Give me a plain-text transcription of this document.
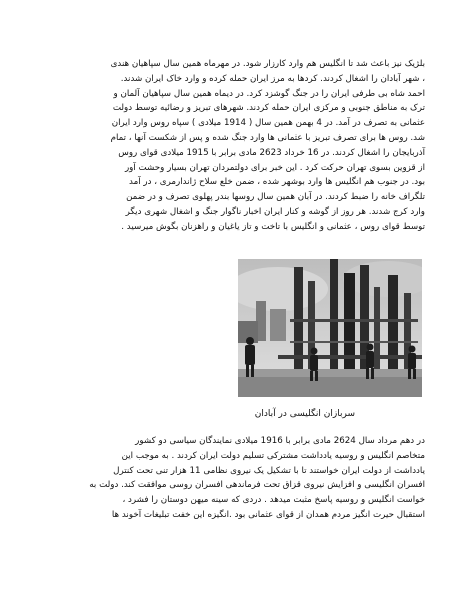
بلژیک نیز باعث شد تا انگلیس هم وارد کارزار شود. در مهرماه همین سال سپاهیان هندی
، شهر آبادان را اشغال کردند. کردها به مرز ایران حمله کرده و وارد خاک ایران شدند.
احمد شاه بی طرفی ایران را در جنگ گوشزد کرد. در دیماه همین سال سپاهیان آلمان و
ترک به مناطق جنوبی و مرکزی ایران حمله کردند. شهرهای تبریز و رضائیه توسط دولت
عثمانی به تصرف در آمد. در 4 بهمن همین سال ( 1914 میلادی ) سپاه روس وارد ایران
شد. روس ها برای تصرف تبریز با عثمانی ها وارد جنگ شده و پس از شکست آنها ، تمام
آذربایجان را اشغال کردند. در 16 خرداد 2623 مادی برابر با 1915 میلادی قوای روس
از قزوین بسوی تهران حرکت کرد . این خبر برای دولتمردان تهران بسیار وحشت آور
بود. در جنوب هم انگلیس ها وارد بوشهر شده ، ضمن خلع سلاح ژاندارمری ، در آمد
تلگراف خانه را ضبط کردند. در آبان همین سال روسها بندر پهلوی تصرف و در ضمن
وارد کرج شدند. هر روز از گوشه و کنار ایران اخبار ناگوار جنگ و اشغال شهری دیگر
توسط قوای روس ، عثمانی و انگلیس با تاخت و تاز یاغیان و راهزنان بگوش میرسید .
سربازان انگلیسی در آبادان
در دهم مرداد سال 2624 مادی برابر با 1916 میلادی نمایندگان سیاسی دو کشور
متخاصم انگلیس و روسیه یادداشت مشترکی تسلیم دولت ایران کردند . به موجب این
یادداشت از دولت ایران خواستند تا با تشکیل یک نیروی نظامی 11 هزار تنی تحت کنترل
افسران انگلیسی و افزایش نیروی قزاق تحت فرماندهی افسران روسی موافقت کند. دولت به
خواست انگلیس و روسیه پاسخ مثبت میدهد . دردی که سینه میهن دوستان را فشرد ،
استقبال حیرت انگیز مردم همدان از قوای عثمانی بود .انگیزه این خفت تبلیغات آخوند ها
